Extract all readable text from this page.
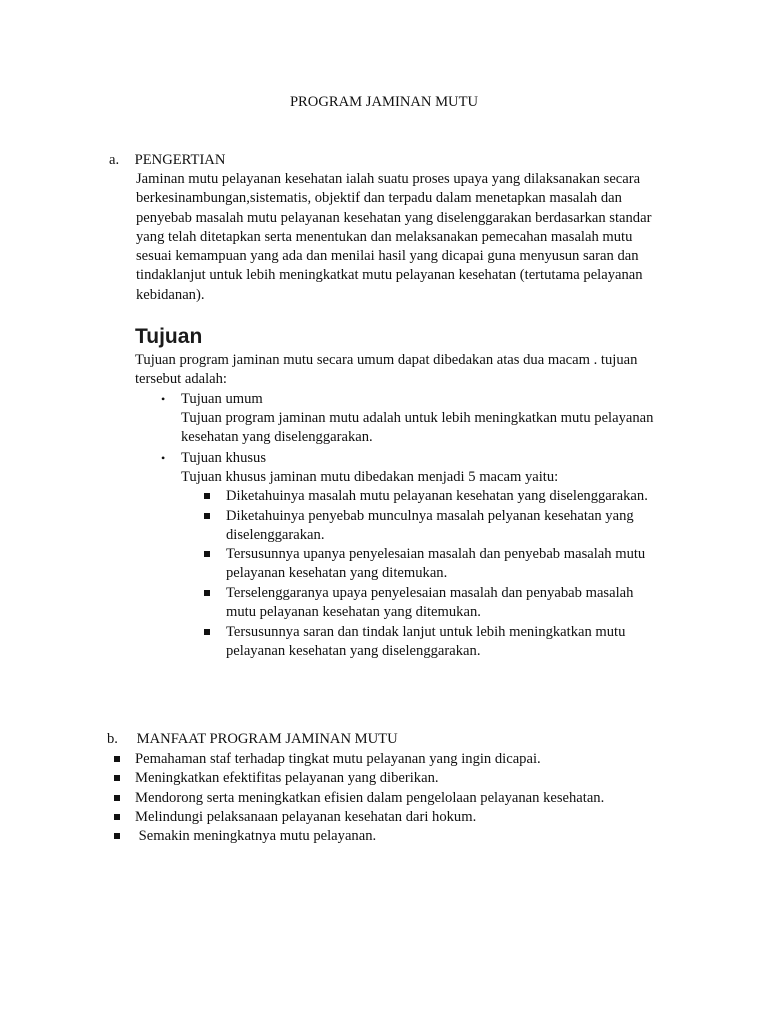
PROGRAM JAMINAN MUTU
a. PENGERTIAN
Jaminan mutu pelayanan kesehatan ialah suatu proses upaya yang dilaksanakan secara
berkesinambungan,sistematis, objektif dan terpadu dalam menetapkan masalah dan
penyebab masalah mutu pelayanan kesehatan yang diselenggarakan berdasarkan standar
yang telah ditetapkan serta menentukan dan melaksanakan pemecahan masalah mutu
sesuai kemampuan yang ada dan menilai hasil yang dicapai guna menyusun saran dan
tindaklanjut untuk lebih meningkatkat mutu pelayanan kesehatan (tertutama pelayanan
kebidanan).
Tujuan
Tujuan program jaminan mutu secara umum dapat dibedakan atas dua macam . tujuan
tersebut adalah:
• Tujuan umum
Tujuan program jaminan mutu adalah untuk lebih meningkatkan mutu pelayanan
kesehatan yang diselenggarakan.
• Tujuan khusus
Tujuan khusus jaminan mutu dibedakan menjadi 5 macam yaitu:
Diketahuinya masalah mutu pelayanan kesehatan yang diselenggarakan.
Diketahuinya penyebab munculnya masalah pelyanan kesehatan yang
diselenggarakan.
Tersusunnya upanya penyelesaian masalah dan penyebab masalah mutu
pelayanan kesehatan yang ditemukan.
Terselenggaranya upaya penyelesaian masalah dan penyabab masalah
mutu pelayanan kesehatan yang ditemukan.
Tersusunnya saran dan tindak lanjut untuk lebih meningkatkan mutu
pelayanan kesehatan yang diselenggarakan.
b. MANFAAT PROGRAM JAMINAN MUTU
Pemahaman staf terhadap tingkat mutu pelayanan yang ingin dicapai.
Meningkatkan efektifitas pelayanan yang diberikan.
Mendorong serta meningkatkan efisien dalam pengelolaan pelayanan kesehatan.
Melindungi pelaksanaan pelayanan kesehatan dari hokum.
Semakin meningkatnya mutu pelayanan.
